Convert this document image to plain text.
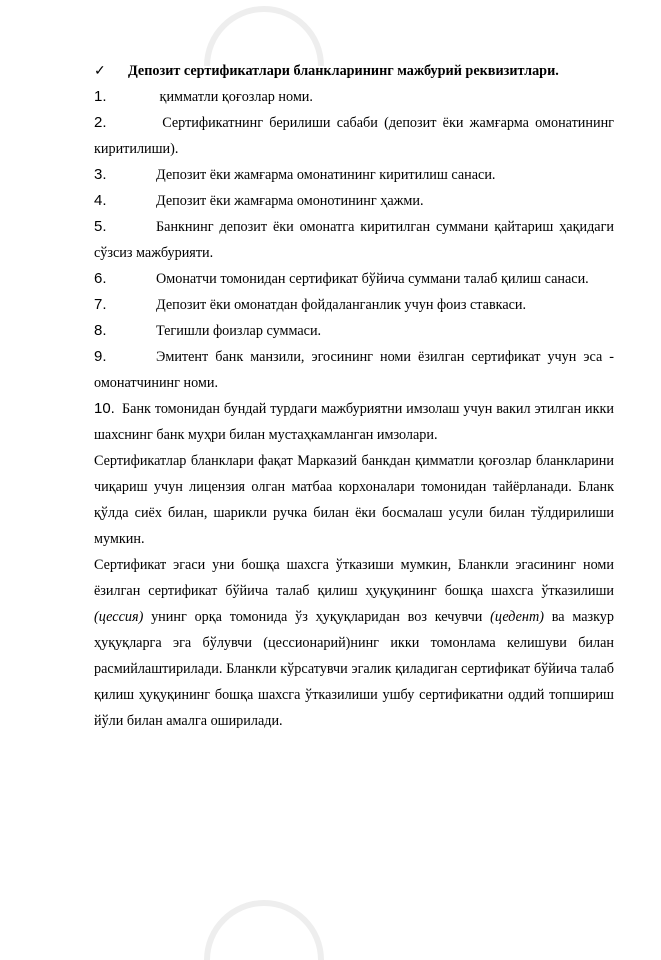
✓ Депозит сертификатлари бланкларининг мажбурий реквизитлари.

1.	қимматли қоғозлар номи.

2.	Сертификатнинг берилиши сабаби (депозит ёки жамғарма омонатининг киритилиши).

3.	Депозит ёки жамғарма омонатининг киритилиш санаси.

4.	Депозит ёки жамғарма омонотининг ҳажми.

5.	Банкнинг депозит ёки омонатга киритилган суммани қайтариш ҳақидаги сўзсиз мажбурияти.

6.	Омонатчи томонидан сертификат бўйича суммани талаб қилиш санаси.

7.	Депозит ёки омонатдан фойдаланганлик учун фоиз ставкаси.

8.	Тегишли фоизлар суммаси.

9.	Эмитент банк манзили, эгосининг номи ёзилган сертификат учун эса - омонатчининг номи.

10. Банк томонидан бундай турдаги мажбуриятни имзолаш учун вакил этилган икки шахснинг банк муҳри билан мустаҳкамланган имзолари.

Сертификатлар бланклари фақат Марказий банкдан қимматли қоғозлар бланкларини чиқариш учун лицензия олган матбаа корхоналари томонидан тайёрланади. Бланк қўлда сиёх билан, шарикли ручка билан ёки босмалаш усули билан тўлдирилиши мумкин.

Сертификат эгаси уни бошқа шахсга ўтказиши мумкин, Бланкли эгасининг номи ёзилган сертификат бўйича талаб қилиш ҳуқуқининг бошқа шахсга ўтказилиши (цессия) унинг орқа томонида ўз ҳуқуқларидан воз кечувчи (цедент) ва мазкур ҳуқуқларга эга бўлувчи (цессионарий)нинг икки томонлама келишуви билан расмийлаштирилади. Бланкли кўрсатувчи эгалик қиладиган сертификат бўйича талаб қилиш ҳуқуқининг бошқа шахсга ўтказилиши ушбу сертификатни оддий топшириш йўли билан амалга оширилади.
